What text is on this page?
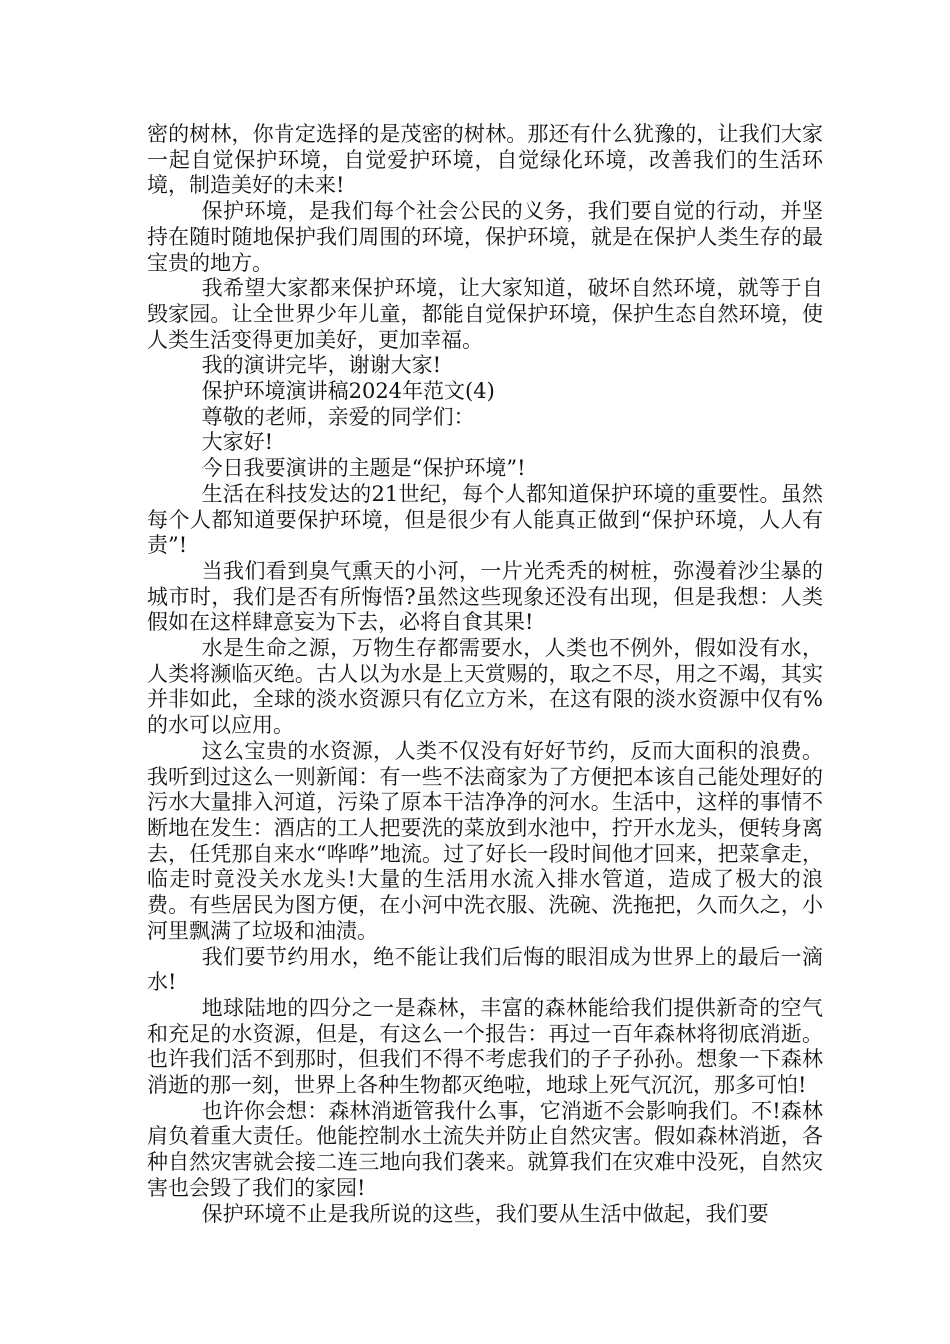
密的树林，你肯定选择的是茂密的树林。那还有什么犹豫的，让我们大家一起自觉保护环境，自觉爱护环境，自觉绿化环境，改善我们的生活环境，制造美好的未来!

保护环境，是我们每个社会公民的义务，我们要自觉的行动，并坚持在随时随地保护我们周围的环境，保护环境，就是在保护人类生存的最宝贵的地方。

我希望大家都来保护环境，让大家知道，破坏自然环境，就等于自毁家园。让全世界少年儿童，都能自觉保护环境，保护生态自然环境，使人类生活变得更加美好，更加幸福。

我的演讲完毕，谢谢大家!

保护环境演讲稿2024年范文(4)

尊敬的老师，亲爱的同学们：

大家好!

今日我要演讲的主题是“保护环境”!

生活在科技发达的21世纪，每个人都知道保护环境的重要性。虽然每个人都知道要保护环境，但是很少有人能真正做到“保护环境，人人有责”!

当我们看到臭气熏天的小河，一片光秃秃的树桩，弥漫着沙尘暴的城市时，我们是否有所悔悟?虽然这些现象还没有出现，但是我想：人类假如在这样肆意妄为下去，必将自食其果!

水是生命之源，万物生存都需要水，人类也不例外，假如没有水，人类将濒临灭绝。古人以为水是上天赏赐的，取之不尽，用之不竭，其实并非如此，全球的淡水资源只有亿立方米，在这有限的淡水资源中仅有%的水可以应用。

这么宝贵的水资源，人类不仅没有好好节约，反而大面积的浪费。我听到过这么一则新闻：有一些不法商家为了方便把本该自己能处理好的污水大量排入河道，污染了原本干洁净净的河水。生活中，这样的事情不断地在发生：酒店的工人把要洗的菜放到水池中，拧开水龙头，便转身离去，任凭那自来水“哗哗”地流。过了好长一段时间他才回来，把菜拿走，临走时竟没关水龙头!大量的生活用水流入排水管道，造成了极大的浪费。有些居民为图方便，在小河中洗衣服、洗碗、洗拖把，久而久之，小河里飘满了垃圾和油渍。

我们要节约用水，绝不能让我们后悔的眼泪成为世界上的最后一滴水!

地球陆地的四分之一是森林，丰富的森林能给我们提供新奇的空气和充足的水资源，但是，有这么一个报告：再过一百年森林将彻底消逝。也许我们活不到那时，但我们不得不考虑我们的子子孙孙。想象一下森林消逝的那一刻，世界上各种生物都灭绝啦，地球上死气沉沉，那多可怕!

也许你会想：森林消逝管我什么事，它消逝不会影响我们。不!森林肩负着重大责任。他能控制水土流失并防止自然灾害。假如森林消逝，各种自然灾害就会接二连三地向我们袭来。就算我们在灾难中没死，自然灾害也会毁了我们的家园!

保护环境不止是我所说的这些，我们要从生活中做起，我们要
